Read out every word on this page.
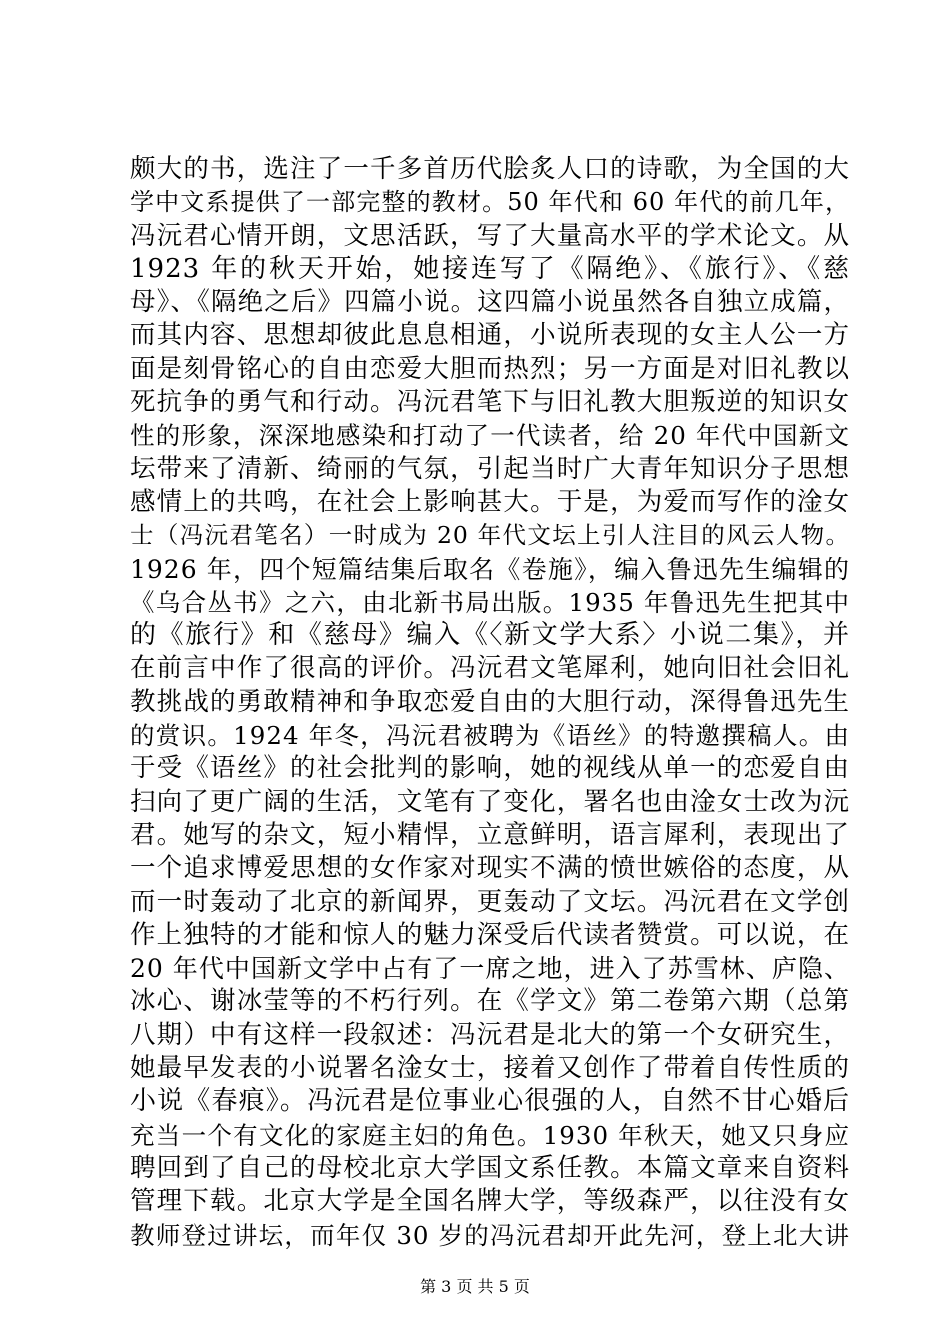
颇大的书，选注了一千多首历代脍炙人口的诗歌，为全国的大
学中文系提供了一部完整的教材。50 年代和 60 年代的前几年，
冯沅君心情开朗，文思活跃，写了大量高水平的学术论文。从
1923 年的秋天开始，她接连写了《隔绝》、《旅行》、《慈
母》、《隔绝之后》四篇小说。这四篇小说虽然各自独立成篇，
而其内容、思想却彼此息息相通，小说所表现的女主人公一方
面是刻骨铭心的自由恋爱大胆而热烈；另一方面是对旧礼教以
死抗争的勇气和行动。冯沅君笔下与旧礼教大胆叛逆的知识女
性的形象，深深地感染和打动了一代读者，给 20 年代中国新文
坛带来了清新、绮丽的气氛，引起当时广大青年知识分子思想
感情上的共鸣，在社会上影响甚大。于是，为爱而写作的淦女
士（冯沅君笔名）一时成为 20 年代文坛上引人注目的风云人物。
1926 年，四个短篇结集后取名《卷施》，编入鲁迅先生编辑的
《乌合丛书》之六，由北新书局出版。1935 年鲁迅先生把其中
的《旅行》和《慈母》编入《〈新文学大系〉小说二集》，并
在前言中作了很高的评价。冯沅君文笔犀利，她向旧社会旧礼
教挑战的勇敢精神和争取恋爱自由的大胆行动，深得鲁迅先生
的赏识。1924 年冬，冯沅君被聘为《语丝》的特邀撰稿人。由
于受《语丝》的社会批判的影响，她的视线从单一的恋爱自由
扫向了更广阔的生活，文笔有了变化，署名也由淦女士改为沅
君。她写的杂文，短小精悍，立意鲜明，语言犀利，表现出了
一个追求博爱思想的女作家对现实不满的愤世嫉俗的态度，从
而一时轰动了北京的新闻界，更轰动了文坛。冯沅君在文学创
作上独特的才能和惊人的魅力深受后代读者赞赏。可以说，在
20 年代中国新文学中占有了一席之地，进入了苏雪林、庐隐、
冰心、谢冰莹等的不朽行列。在《学文》第二卷第六期（总第
八期）中有这样一段叙述：冯沅君是北大的第一个女研究生，
她最早发表的小说署名淦女士，接着又创作了带着自传性质的
小说《春痕》。冯沅君是位事业心很强的人，自然不甘心婚后
充当一个有文化的家庭主妇的角色。1930 年秋天，她又只身应
聘回到了自己的母校北京大学国文系任教。本篇文章来自资料
管理下载。北京大学是全国名牌大学，等级森严，以往没有女
教师登过讲坛，而年仅 30 岁的冯沅君却开此先河，登上北大讲
第 3 页 共 5 页
